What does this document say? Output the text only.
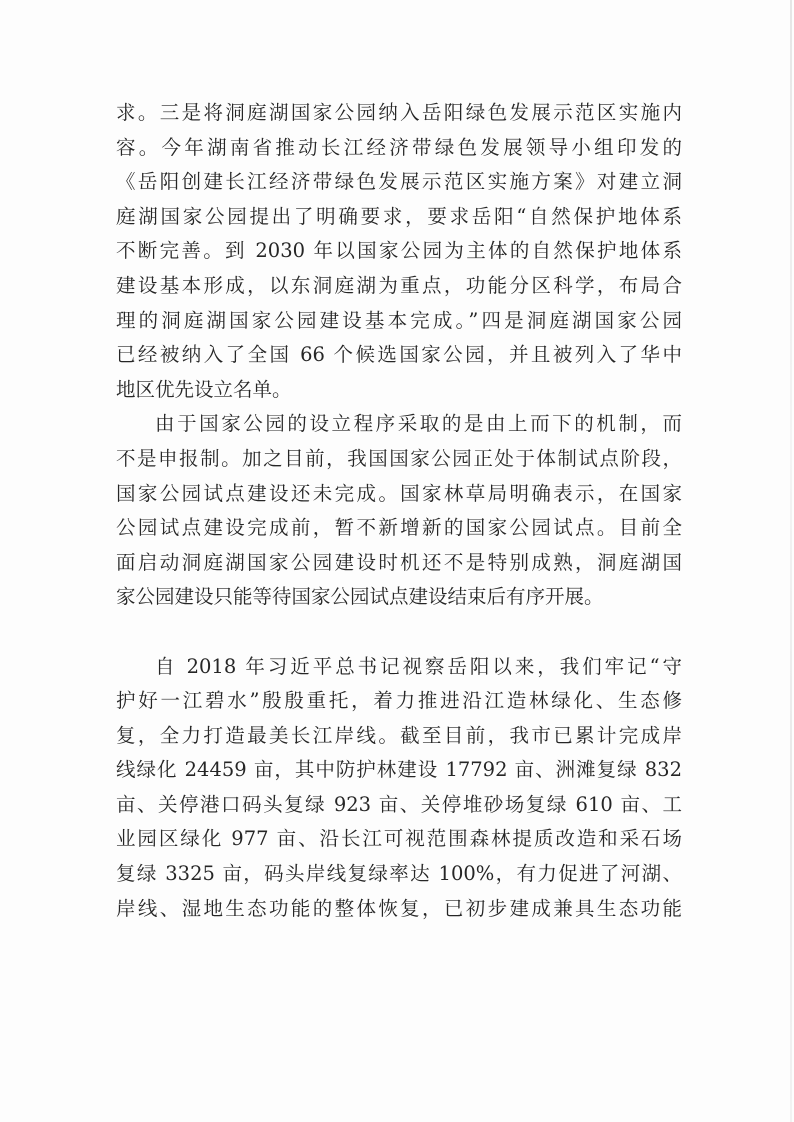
求。三是将洞庭湖国家公园纳入岳阳绿色发展示范区实施内
容。今年湖南省推动长江经济带绿色发展领导小组印发的
《岳阳创建长江经济带绿色发展示范区实施方案》对建立洞
庭湖国家公园提出了明确要求，要求岳阳“自然保护地体系
不断完善。到 2030 年以国家公园为主体的自然保护地体系
建设基本形成，以东洞庭湖为重点，功能分区科学，布局合
理的洞庭湖国家公园建设基本完成。”四是洞庭湖国家公园
已经被纳入了全国 66 个候选国家公园，并且被列入了华中
地区优先设立名单。
由于国家公园的设立程序采取的是由上而下的机制，而
不是申报制。加之目前，我国国家公园正处于体制试点阶段，
国家公园试点建设还未完成。国家林草局明确表示，在国家
公园试点建设完成前，暂不新增新的国家公园试点。目前全
面启动洞庭湖国家公园建设时机还不是特别成熟，洞庭湖国
家公园建设只能等待国家公园试点建设结束后有序开展。
自 2018 年习近平总书记视察岳阳以来，我们牢记“守
护好一江碧水”殷殷重托，着力推进沿江造林绿化、生态修
复，全力打造最美长江岸线。截至目前，我市已累计完成岸
线绿化 24459 亩，其中防护林建设 17792 亩、洲滩复绿 832
亩、关停港口码头复绿 923 亩、关停堆砂场复绿 610 亩、工
业园区绿化 977 亩、沿长江可视范围森林提质改造和采石场
复绿 3325 亩，码头岸线复绿率达 100%，有力促进了河湖、
岸线、湿地生态功能的整体恢复，已初步建成兼具生态功能
